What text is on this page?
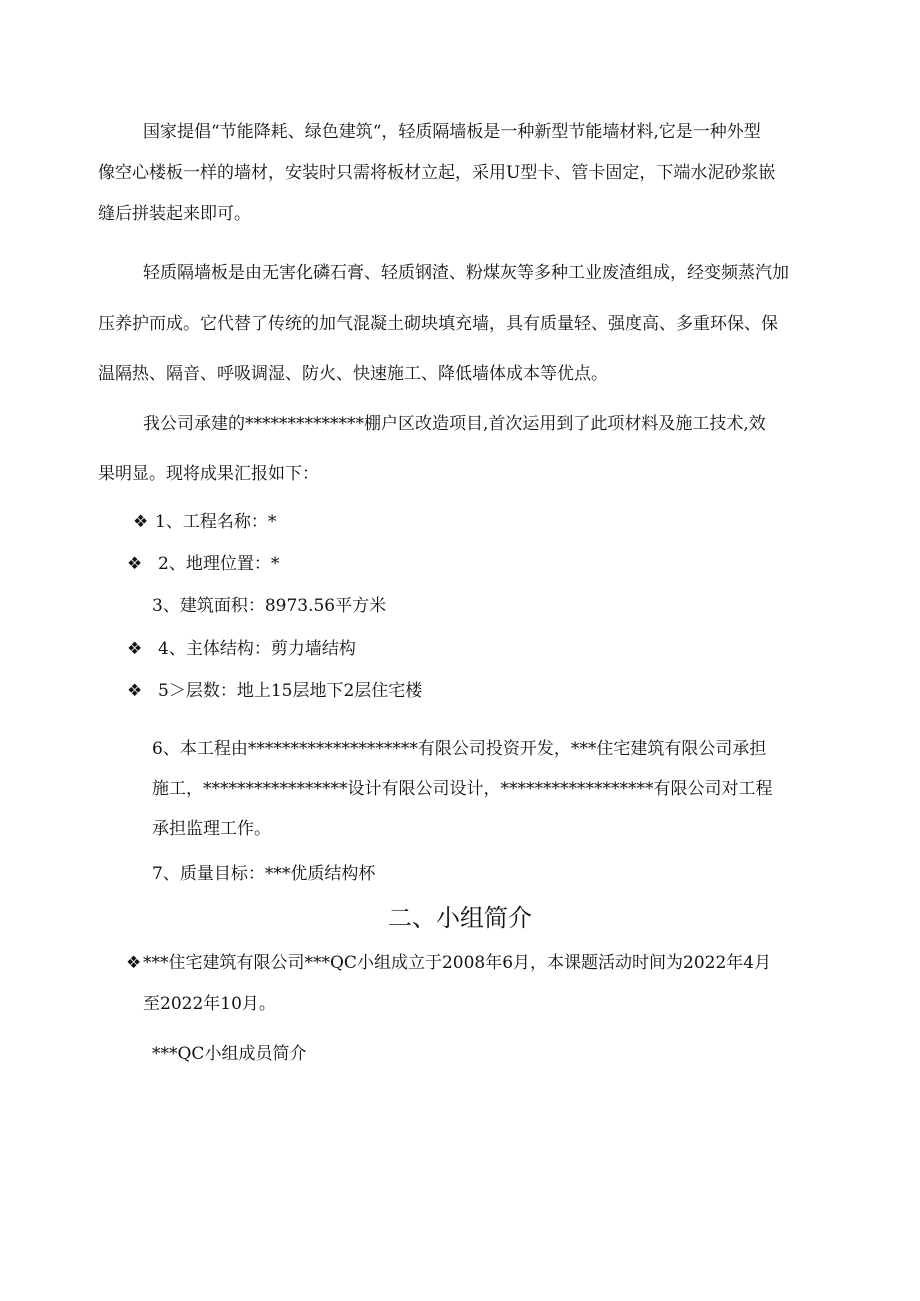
国家提倡“节能降耗、绿色建筑“，轻质隔墙板是一种新型节能墙材料,它是一种外型
像空心楼板一样的墙材，安装时只需将板材立起，采用U型卡、管卡固定，下端水泥砂浆嵌
缝后拼装起来即可。
轻质隔墙板是由无害化磷石膏、轻质钢渣、粉煤灰等多种工业废渣组成，经变频蒸汽加
压养护而成。它代替了传统的加气混凝土砌块填充墙，具有质量轻、强度高、多重环保、保
温隔热、隔音、呼吸调湿、防火、快速施工、降低墙体成本等优点。
我公司承建的**************棚户区改造项目,首次运用到了此项材料及施工技术,效
果明显。现将成果汇报如下：
❖ 1、工程名称：*
❖ 2、地理位置：*
3、建筑面积：8973.56平方米
❖ 4、主体结构：剪力墙结构
❖ 5＞层数：地上15层地下2层住宅楼
6、本工程由********************有限公司投资开发，***住宅建筑有限公司承担
施工，*****************设计有限公司设计，******************有限公司对工程
承担监理工作。
7、质量目标：***优质结构杯
二、小组简介
❖ ***住宅建筑有限公司***QC小组成立于2008年6月，本课题活动时间为2022年4月
至2022年10月。
***QC小组成员简介
